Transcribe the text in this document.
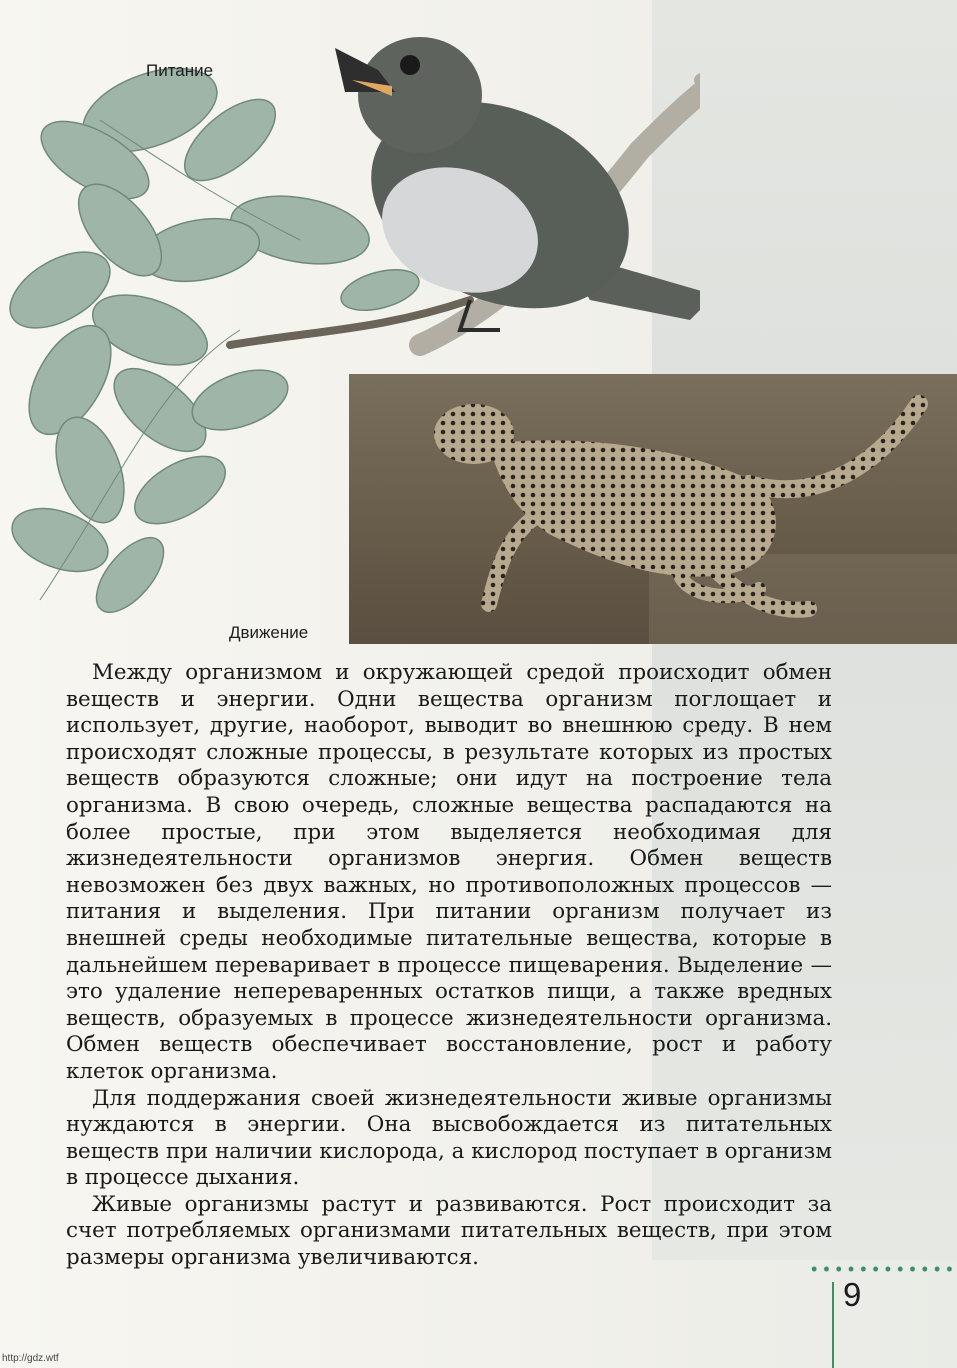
Питание
Движение

Между организмом и окружающей средой происходит обмен веществ и энергии. Одни вещества организм поглощает и использует, другие, наоборот, выводит во внешнюю среду. В нем происходят сложные процессы, в результате которых из простых веществ образуются сложные; они идут на построение тела организма. В свою очередь, сложные вещества распадаются на более простые, при этом выделяется необходимая для жизнедеятельности организмов энергия. Обмен веществ невозможен без двух важных, но противоположных процессов — питания и выделения. При питании организм получает из внешней среды необходимые питательные вещества, которые в дальнейшем переваривает в процессе пищеварения. Выделение — это удаление непереваренных остатков пищи, а также вредных веществ, образуемых в процессе жизнедеятельности организма. Обмен веществ обеспечивает восстановление, рост и работу клеток организма.

Для поддержания своей жизнедеятельности живые организмы нуждаются в энергии. Она высвобождается из питательных веществ при наличии кислорода, а кислород поступает в организм в процессе дыхания.

Живые организмы растут и развиваются. Рост происходит за счет потребляемых организмами питательных веществ, при этом размеры организма увеличиваются.

9
http://gdz.wtf
